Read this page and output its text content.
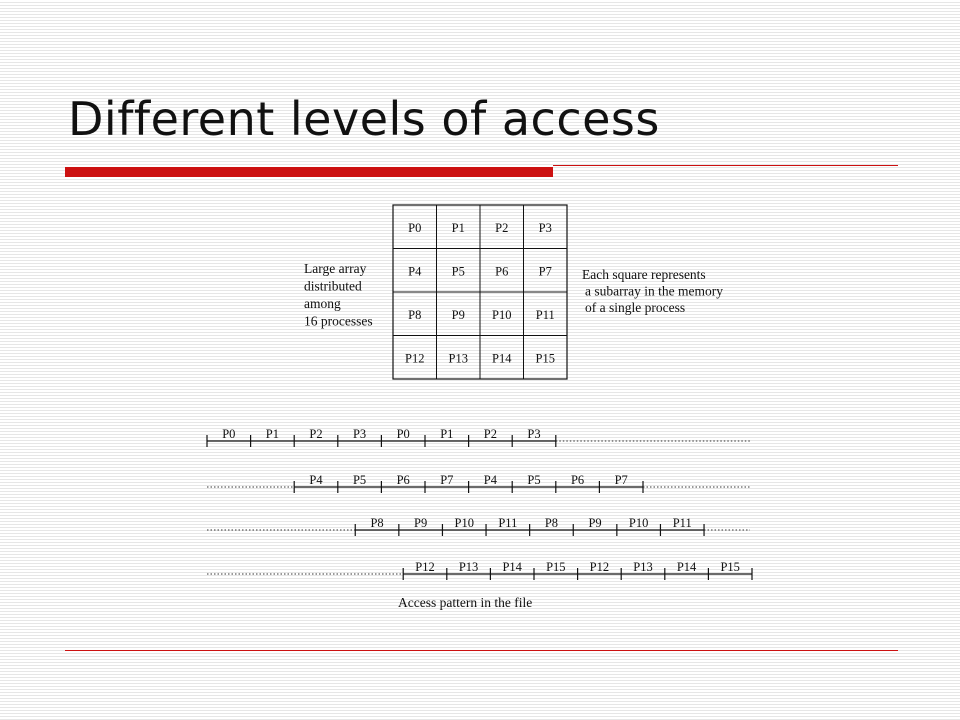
Different levels of access
P0 P1 P2 P3
P4 P5 P6 P7
P8 P9 P10 P11
P12 P13 P14 P15
Large array
distributed
among
16 processes
Each square represents
a subarray in the memory
of a single process
P0 P1 P2 P3 P0 P1 P2 P3
P4 P5 P6 P7 P4 P5 P6 P7
P8 P9 P10 P11 P8 P9 P10 P11
P12 P13 P14 P15 P12 P13 P14 P15
Access pattern in the file
